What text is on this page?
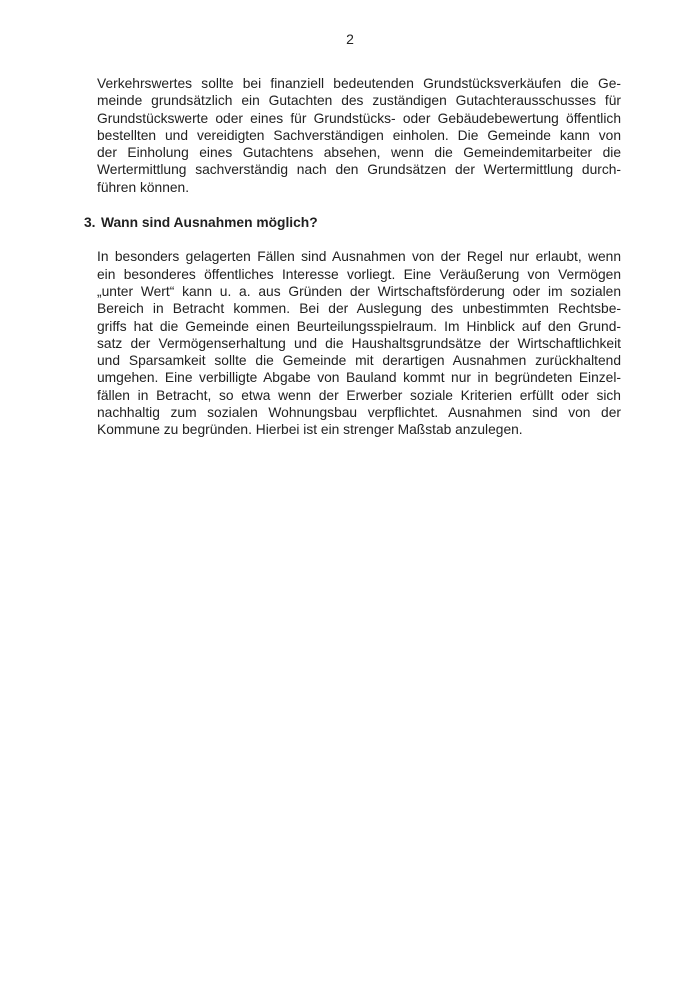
2
Verkehrswertes sollte bei finanziell bedeutenden Grundstücksverkäufen die Ge-
meinde grundsätzlich ein Gutachten des zuständigen Gutachterausschusses für
Grundstückswerte oder eines für Grundstücks- oder Gebäudebewertung öffentlich
bestellten und vereidigten Sachverständigen einholen. Die Gemeinde kann von
der Einholung eines Gutachtens absehen, wenn die Gemeindemitarbeiter die
Wertermittlung sachverständig nach den Grundsätzen der Wertermittlung durch-
führen können.
3. Wann sind Ausnahmen möglich?
In besonders gelagerten Fällen sind Ausnahmen von der Regel nur erlaubt, wenn
ein besonderes öffentliches Interesse vorliegt. Eine Veräußerung von Vermögen
„unter Wert“ kann u. a. aus Gründen der Wirtschaftsförderung oder im sozialen
Bereich in Betracht kommen. Bei der Auslegung des unbestimmten Rechtsbe-
griffs hat die Gemeinde einen Beurteilungsspielraum. Im Hinblick auf den Grund-
satz der Vermögenserhaltung und die Haushaltsgrundsätze der Wirtschaftlichkeit
und Sparsamkeit sollte die Gemeinde mit derartigen Ausnahmen zurückhaltend
umgehen. Eine verbilligte Abgabe von Bauland kommt nur in begründeten Einzel-
fällen in Betracht, so etwa wenn der Erwerber soziale Kriterien erfüllt oder sich
nachhaltig zum sozialen Wohnungsbau verpflichtet. Ausnahmen sind von der
Kommune zu begründen. Hierbei ist ein strenger Maßstab anzulegen.
